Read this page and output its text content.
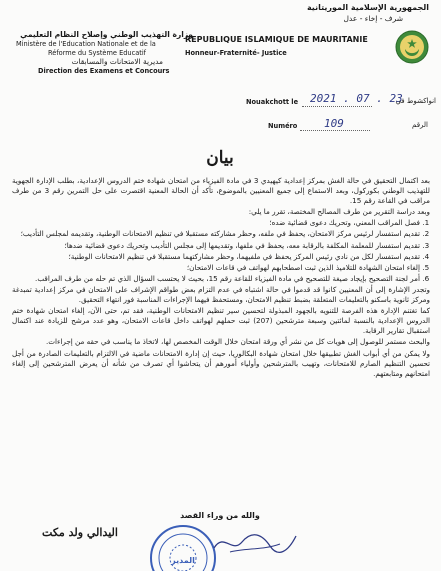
REPUBLIQUE ISLAMIQUE DE MAURITANIE
Honneur-Fraternité- Justice
الجمهورية الإسلامية الموريتانية
شرف - إخاء - عدل
وزارة التهذيب الوطني وإصلاح النظام التعليمي
Ministère de l'Education Nationale et de la
Réforme du Système Educatif
مديرية الامتحانات والمسابقات
Direction des Examens et Concours
Nouakchott le 2021 . 07 . 23
انواكشوط في
Numéro 109	الرقم
بيان

بعد اكتمال التحقيق في حالة الغش بمركز إعدادية كيهيدي 3 في مادة الفيزياء من امتحان شهادة ختم الدروس الإعدادية، بطلب الإدارة الجهوية للتهذيب الوطني بكوركول، وبعد الاستماع إلى جميع المعنيين بالموضوع، تأكد أن الحالة المعنية اقتصرت على حل التمرين رقم 3 من طرف مراقب في القاعة رقم 15.

وبعد دراسة التقرير من طرف المصالح المختصة، تقرر ما يلي:

1. فصل المراقب المعني، وتحريك دعوى قضائية ضده؛
2. تقديم استفسار لرئيس مركز الامتحان، يحفظ في ملفه، وحظر مشاركته مستقبلا في تنظيم الامتحانات الوطنية، وتقديمه لمجلس التأديب؛
3. تقديم استفسار للمعلمة المكلفة بالرقابة معه، يحفظ في ملفها، وتقديمها إلى مجلس التأديب وتحريك دعوى قضائية ضدها؛
4. تقديم استفسار لكل من نادي رئيس المركز يحفظ في ملفيهما، وحظر مشاركتهما مستقبلا في تنظيم الامتحانات الوطنية؛
5. إلغاء امتحان الشهادة للتلاميذ الذين ثبت اصطحابهم لهواتف في قاعات الامتحان؛
6. أمر لجنة التصحيح بإيجاد صيغة للتصحيح في مادة الفيزياء للقاعة رقم 15، بحيث لا يحتسب السؤال الذي تم حله من طرف المراقب.

وتجدر الإشارة إلى أن المعنيين كانوا قد قدموا في حالة اشتباه في عدم التزام بعض طواقم الإشراف على الامتحان في مركز إعدادية تمبدغة ومركز ثانوية باسكنو بالتعليمات المتعلقة بضبط تنظيم الامتحان، ومستحفظ فيهما الإجراءات المناسبة فور انتهاء التحقيق.

كما تغتنم الإدارة هذه الفرصة للتنويه بالجهود المبذولة لتحسين سير تنظيم الامتحانات الوطنية، فقد تم، حتى الآن، إلغاء امتحان شهادة ختم الدروس الإعدادية بالنسبة لمائتين وسبعة مترشحين (207) ثبت حملهم لهواتف داخل قاعات الامتحان، وهو عدد مرشح للزيادة عند اكتمال استقبال تقارير الرقابة.

والبحث مستمر للوصول إلى هويات كل من نشر أي ورقة امتحان خلال الوقت المخصص لها، لاتخاذ ما يناسب في حقه من إجراءات.

ولا يمكن من أي أبواب الغش تطبيقها خلال امتحان شهادة البكالوريا، حيث إن إدارة الامتحانات ماضية في الالتزام بالتعليمات الصادرة من أجل تحسين التنظيم الصارم للامتحانات، وتهيب بالمترشحين وأولياء أمورهم أن يتحاشوا أي تصرف من شأنه أن يعرض المترشحين إلى إلغاء امتحانهم ومتابعتهم.

والله من وراء القصد
اليدالي ولد مكت
المدير
